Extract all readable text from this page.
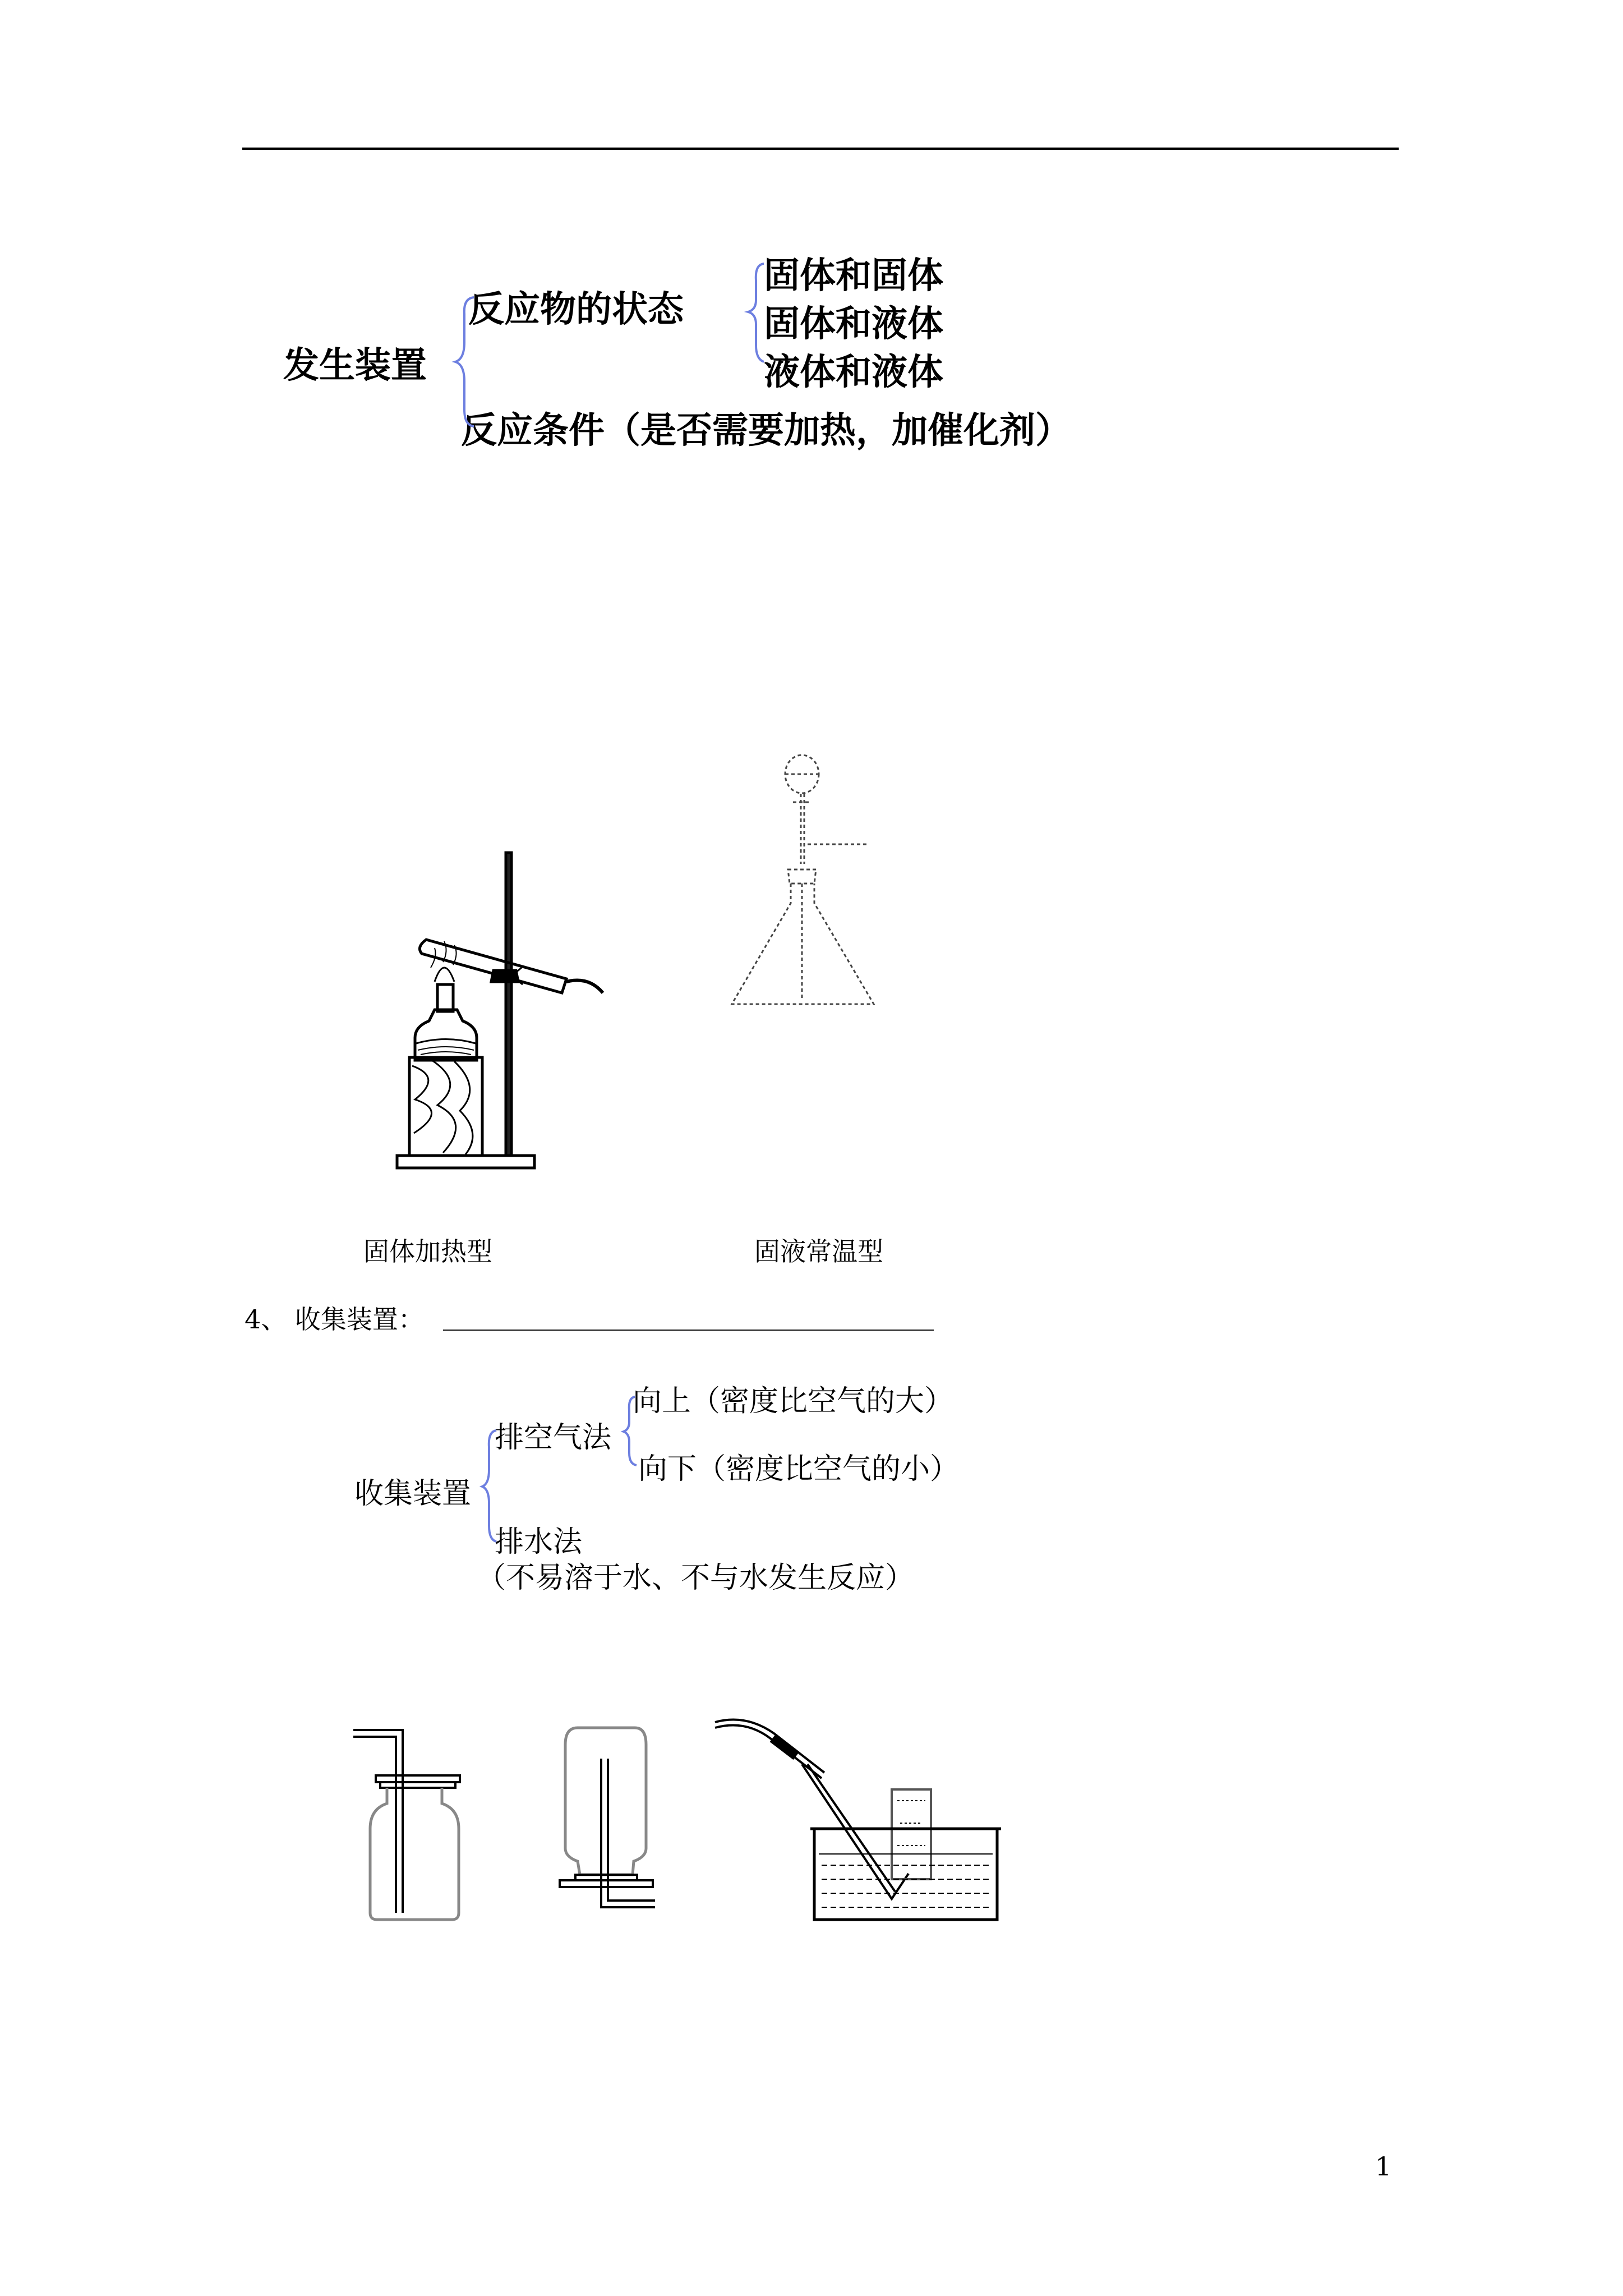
发生装置
反应物的状态
固体和固体
固体和液体
液体和液体
反应条件（是否需要加热，加催化剂）
固体加热型	固液常温型
4、 收集装置：
收集装置
排空气法
向上（密度比空气的大）
向下（密度比空气的小）
排水法
（不易溶于水、不与水发生反应）
1
